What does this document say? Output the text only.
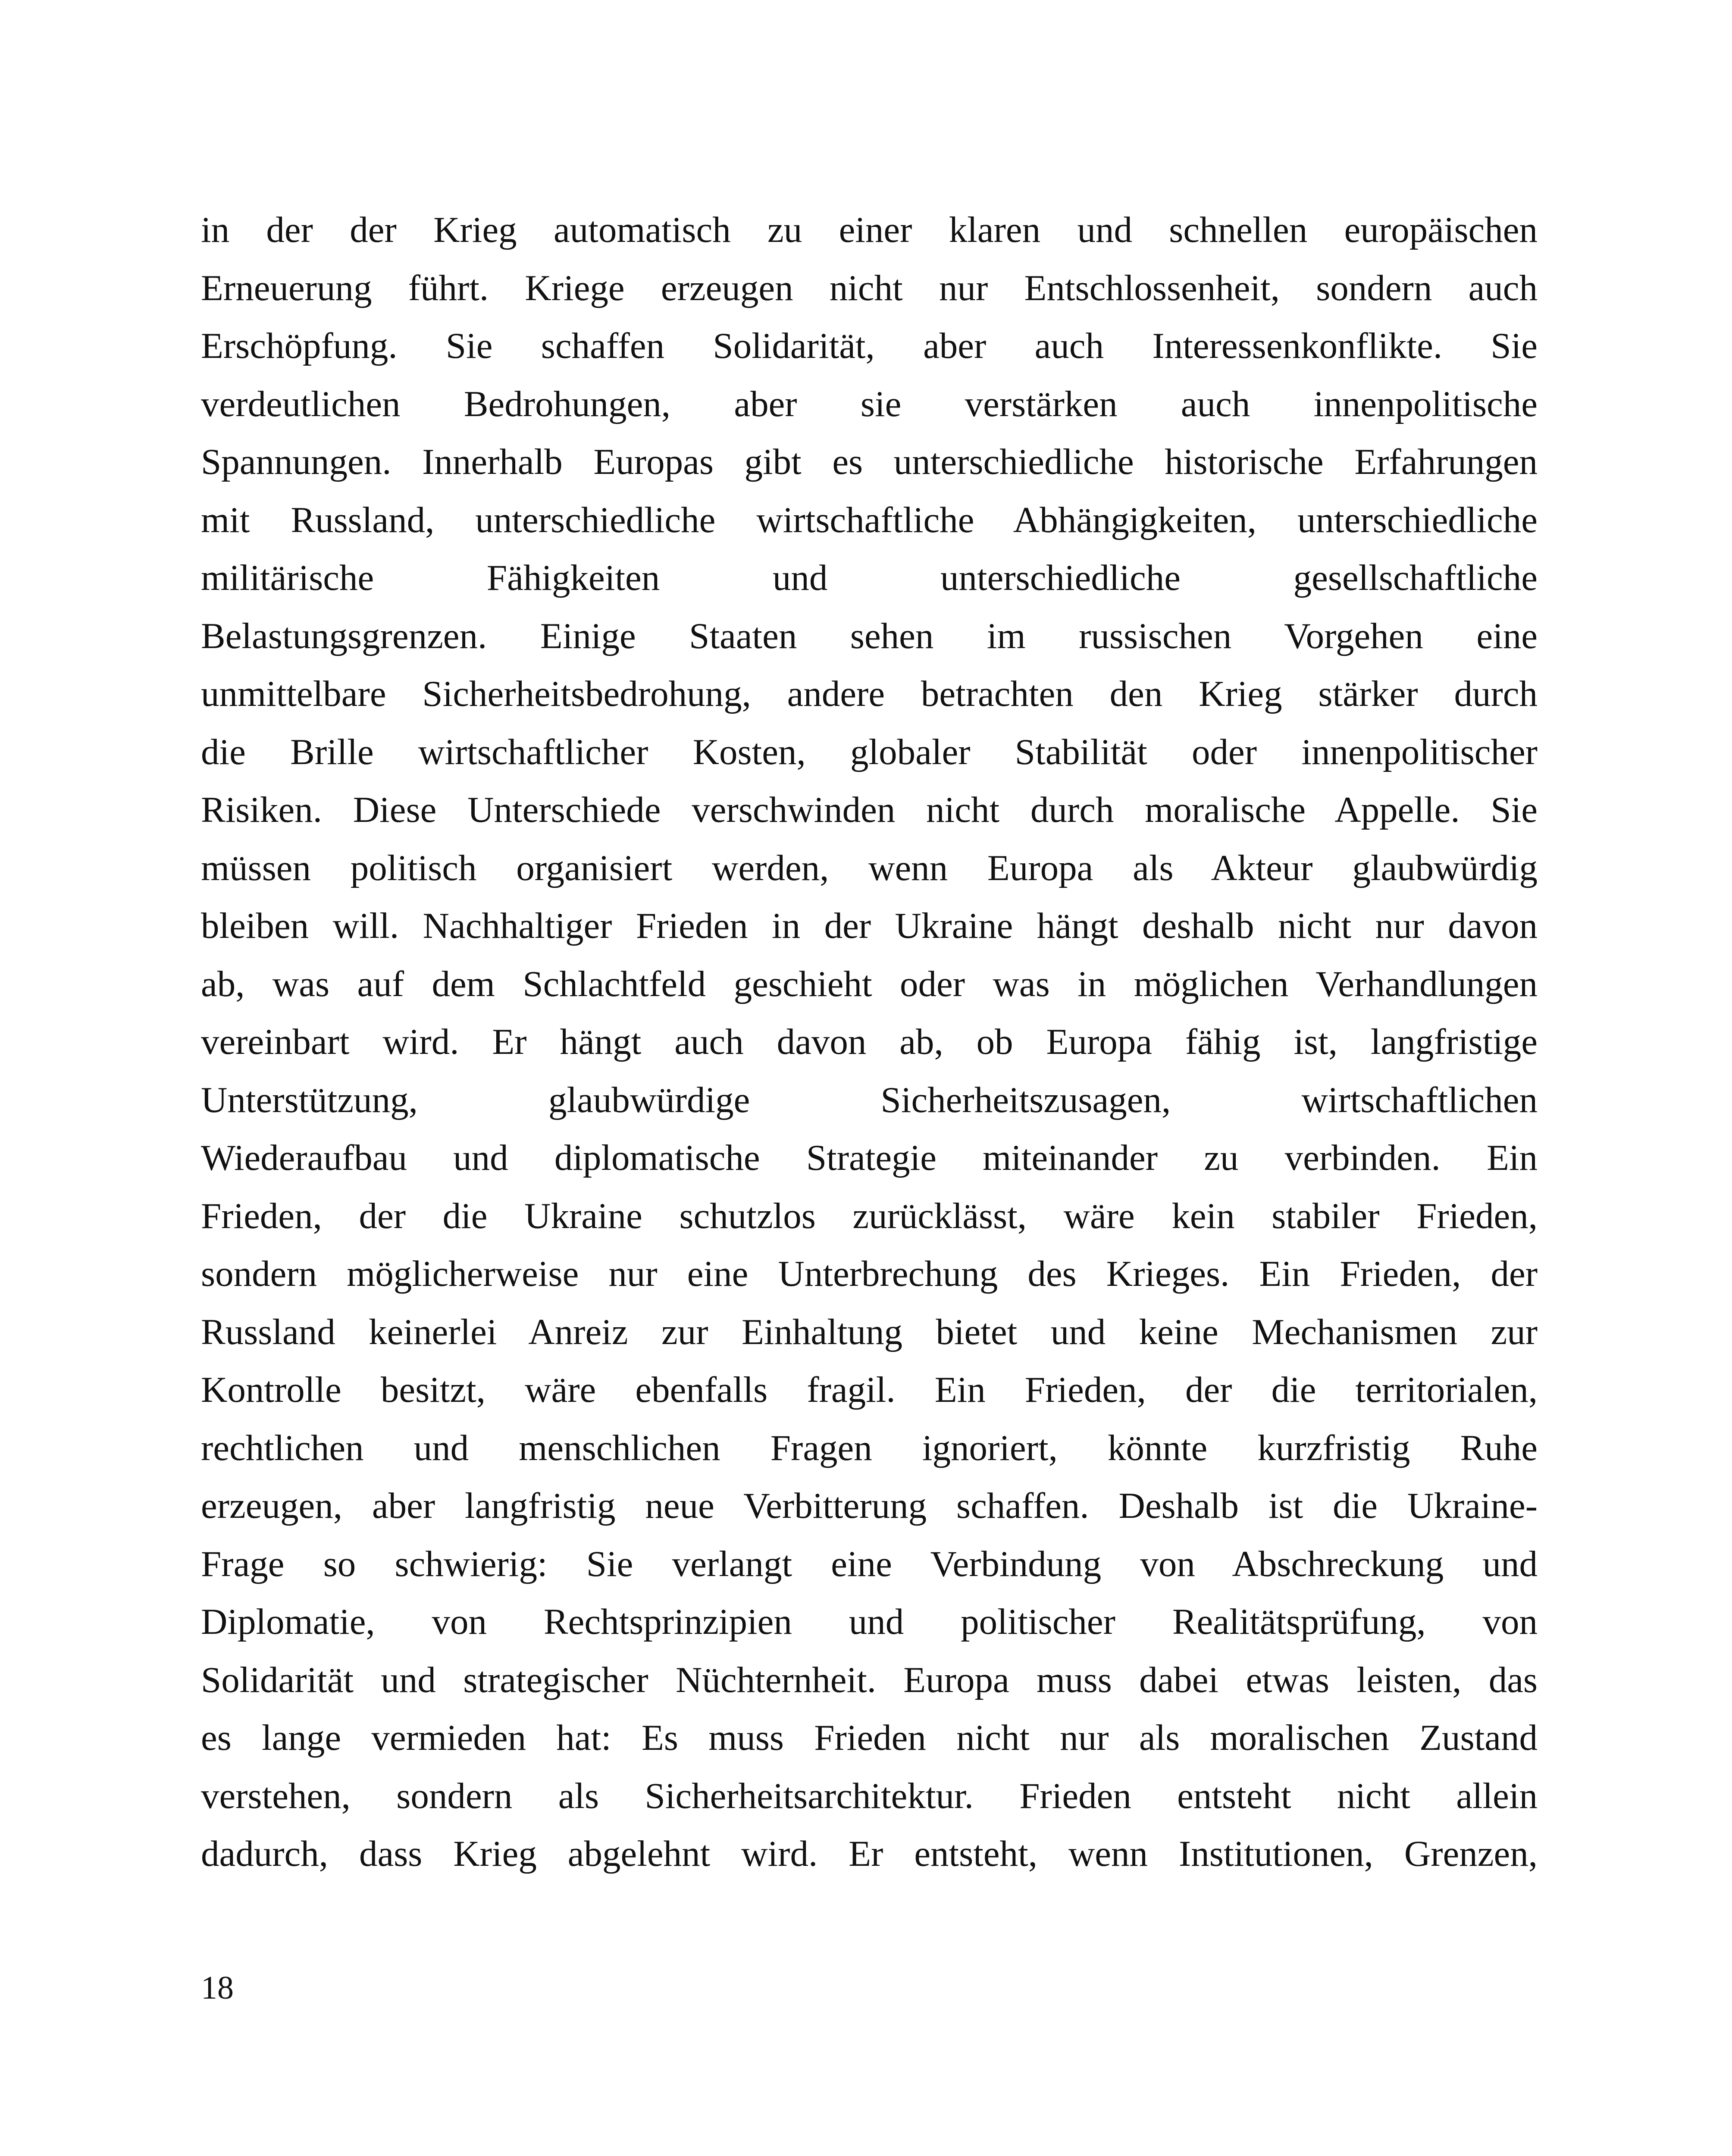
in der der Krieg automatisch zu einer klaren und schnellen europäischen
Erneuerung führt. Kriege erzeugen nicht nur Entschlossenheit, sondern auch
Erschöpfung. Sie schaffen Solidarität, aber auch Interessenkonflikte. Sie
verdeutlichen Bedrohungen, aber sie verstärken auch innenpolitische
Spannungen. Innerhalb Europas gibt es unterschiedliche historische Erfahrungen
mit Russland, unterschiedliche wirtschaftliche Abhängigkeiten, unterschiedliche
militärische Fähigkeiten und unterschiedliche gesellschaftliche
Belastungsgrenzen. Einige Staaten sehen im russischen Vorgehen eine
unmittelbare Sicherheitsbedrohung, andere betrachten den Krieg stärker durch
die Brille wirtschaftlicher Kosten, globaler Stabilität oder innenpolitischer
Risiken. Diese Unterschiede verschwinden nicht durch moralische Appelle. Sie
müssen politisch organisiert werden, wenn Europa als Akteur glaubwürdig
bleiben will. Nachhaltiger Frieden in der Ukraine hängt deshalb nicht nur davon
ab, was auf dem Schlachtfeld geschieht oder was in möglichen Verhandlungen
vereinbart wird. Er hängt auch davon ab, ob Europa fähig ist, langfristige
Unterstützung, glaubwürdige Sicherheitszusagen, wirtschaftlichen
Wiederaufbau und diplomatische Strategie miteinander zu verbinden. Ein
Frieden, der die Ukraine schutzlos zurücklässt, wäre kein stabiler Frieden,
sondern möglicherweise nur eine Unterbrechung des Krieges. Ein Frieden, der
Russland keinerlei Anreiz zur Einhaltung bietet und keine Mechanismen zur
Kontrolle besitzt, wäre ebenfalls fragil. Ein Frieden, der die territorialen,
rechtlichen und menschlichen Fragen ignoriert, könnte kurzfristig Ruhe
erzeugen, aber langfristig neue Verbitterung schaffen. Deshalb ist die Ukraine-
Frage so schwierig: Sie verlangt eine Verbindung von Abschreckung und
Diplomatie, von Rechtsprinzipien und politischer Realitätsprüfung, von
Solidarität und strategischer Nüchternheit. Europa muss dabei etwas leisten, das
es lange vermieden hat: Es muss Frieden nicht nur als moralischen Zustand
verstehen, sondern als Sicherheitsarchitektur. Frieden entsteht nicht allein
dadurch, dass Krieg abgelehnt wird. Er entsteht, wenn Institutionen, Grenzen,
18
